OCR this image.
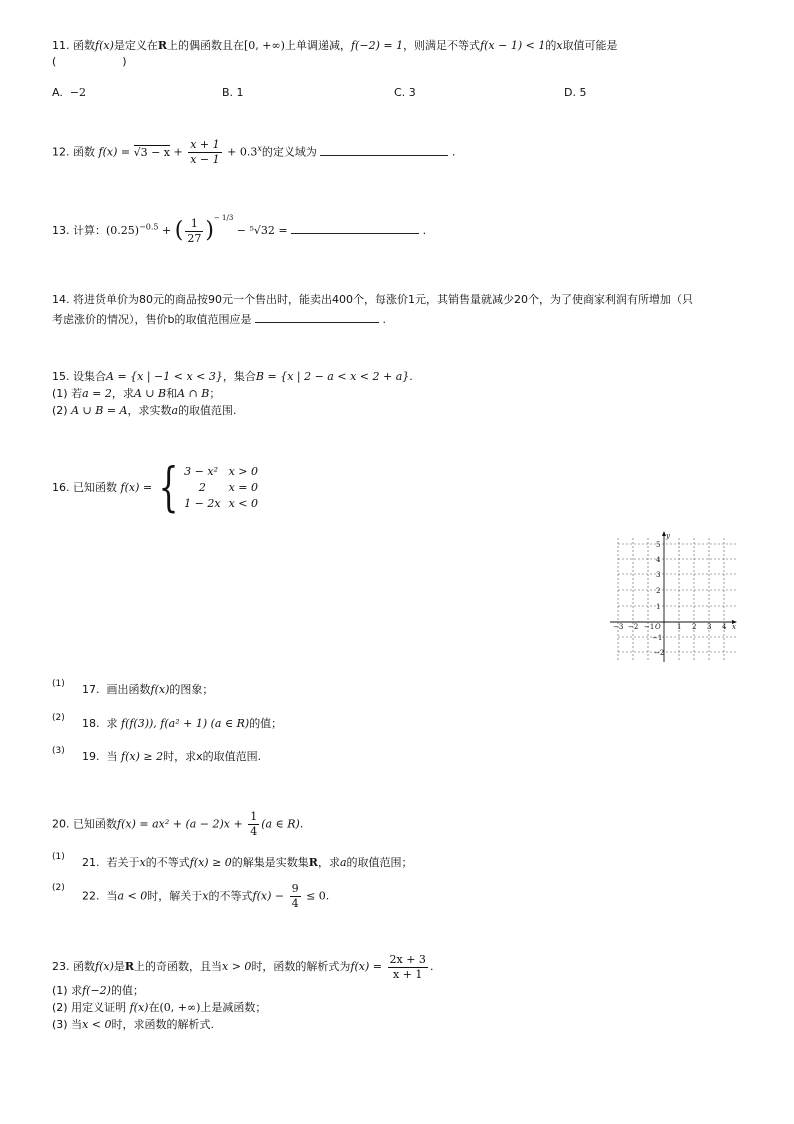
11. 函数f(x)是定义在R上的偶函数且在[0, +∞)上单调递减，f(−2) = 1，则满足不等式f(x − 1) < 1的x取值可能是
(　　　　　　)
A. −2	B. 1	C. 3	D. 5
12. 函数 $f(x) = √3 - x + \frac{x + 1}{x - 1} + 0.3^x$的定义域为	.
13. 计算：$(0.25)^{-0.5}$ + ( $\frac{1}{27} )^{- 1/3} - ^5√32$ =	.
14. 将进货单价为80元的商品按90元一个售出时，能卖出400个，每涨价1元，其销售量就减少20个，为了使商家利润有所增加（只
考虑涨价的情况），售价b的取值范围应是	.
15. 设集合A = {x | −1 < x < 3}，集合B = {x | 2 − a < x < 2 + a}.
(1) 若a = 2，求A ∪ B和A ∩ B；
(2) A ∪ B = A，求实数a的取值范围.
16. 已知函数 f(x) = { 3 − x²	x > 0
2	x = 0
1 − 2x	x < 0
−3 −2 −1 O 1 2 3 4 x
y
5
4
3
2
1
−1
−2
(1) 17. 画出函数f(x)的图象；
(2) 18. 求 f(f(3)), f(a² + 1) (a ∈ R)的值；
(3) 19. 当 f(x) ≥ 2时，求x的取值范围.
20. 已知函数$f(x) = ax^2 + (a - 2)x + \frac{1}{4} (a$ ∈ R).
(1) 21. 若关于x的不等式f(x) ≥ 0的解集是实数集R，求a的取值范围；
(2)
22. 当a < 0时，解关于x的不等式$f(x) - \frac{9}{4} \le 0$.
23. 函数f(x)是R上的奇函数，且当x > 0时，函数的解析式为$f(x) = \frac{2x + 3}{x + 1}$ .
(1) 求f(−2)的值；
(2) 用定义证明 f(x)在(0, +∞)上是减函数；
(3) 当x < 0时，求函数的解析式.
